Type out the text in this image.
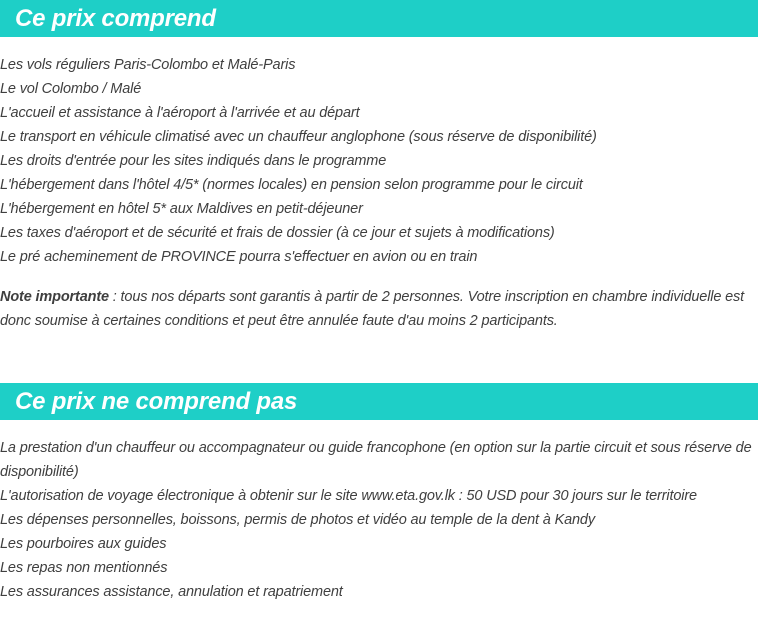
Ce prix comprend
Les vols réguliers Paris-Colombo et Malé-Paris
Le vol Colombo / Malé
L'accueil et assistance à l'aéroport à l'arrivée et au départ
Le transport en véhicule climatisé avec un chauffeur anglophone (sous réserve de disponibilité)
Les droits d'entrée pour les sites indiqués dans le programme
L'hébergement dans l'hôtel 4/5* (normes locales) en pension selon programme pour le circuit
L'hébergement en hôtel 5* aux Maldives en petit-déjeuner
Les taxes d'aéroport et de sécurité et frais de dossier (à ce jour et sujets à modifications)
Le pré acheminement de PROVINCE pourra s'effectuer en avion ou en train

Note importante : tous nos départs sont garantis à partir de 2 personnes. Votre inscription en chambre individuelle est donc soumise à certaines conditions et peut être annulée faute d'au moins 2 participants.

Ce prix ne comprend pas
La prestation d'un chauffeur ou accompagnateur ou guide francophone (en option sur la partie circuit et sous réserve de disponibilité)
L'autorisation de voyage électronique à obtenir sur le site www.eta.gov.lk : 50 USD pour 30 jours sur le territoire
Les dépenses personnelles, boissons, permis de photos et vidéo au temple de la dent à Kandy
Les pourboires aux guides
Les repas non mentionnés
Les assurances assistance, annulation et rapatriement
